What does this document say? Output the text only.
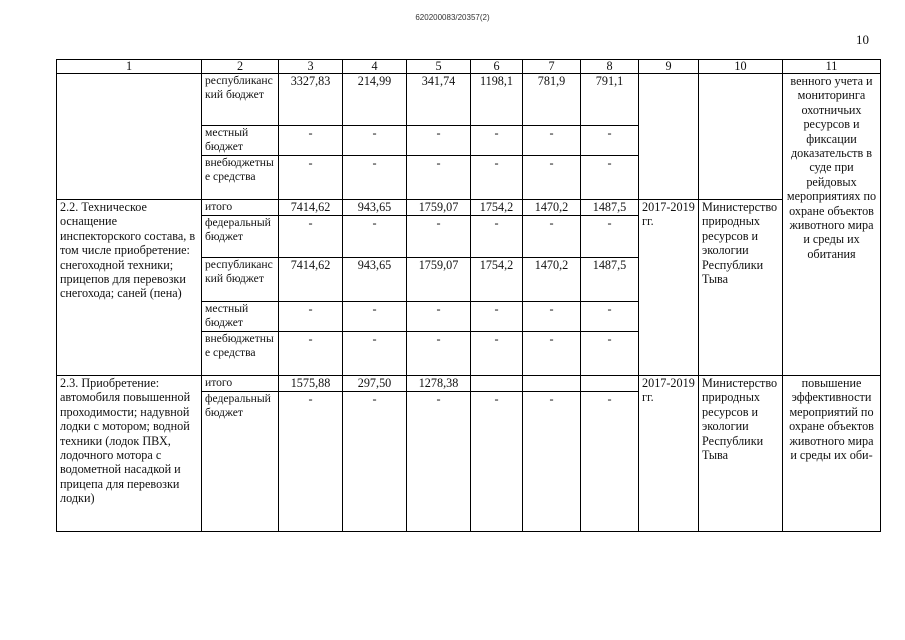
620200083/20357(2)
10
1	2	3	4	5	6	7	8	9	10	11
	республиканский бюджет	3327,83	214,99	341,74	1198,1	781,9	791,1			венного учета и мониторинга охотничьих ресурсов и фиксации доказательств в суде при рейдовых мероприятиях по охране объектов животного мира и среды их обитания
	местный бюджет	-	-	-	-	-	-			
	внебюджетные средства	-	-	-	-	-	-			
2.2. Техническое оснащение инспекторского состава, в том числе приобретение: снегоходной техники; прицепов для перевозки снегохода; саней (пена)	итого	7414,62	943,65	1759,07	1754,2	1470,2	1487,5	2017-2019 гг.	Министерство природных ресурсов и экологии Республики Тыва	
	федеральный бюджет	-	-	-	-	-	-			
	республиканский бюджет	7414,62	943,65	1759,07	1754,2	1470,2	1487,5			
	местный бюджет	-	-	-	-	-	-			
	внебюджетные средства	-	-	-	-	-	-			
2.3. Приобретение: автомобиля повышенной проходимости; надувной лодки с мотором; водной техники (лодок ПВХ, лодочного мотора с водометной насадкой и прицепа для перевозки лодки)	итого	1575,88	297,50	1278,38				2017-2019 гг.	Министерство природных ресурсов и экологии Республики Тыва	повышение эффективности мероприятий по охране объектов животного мира и среды их оби-
	федеральный бюджет	-	-	-	-	-	-			
